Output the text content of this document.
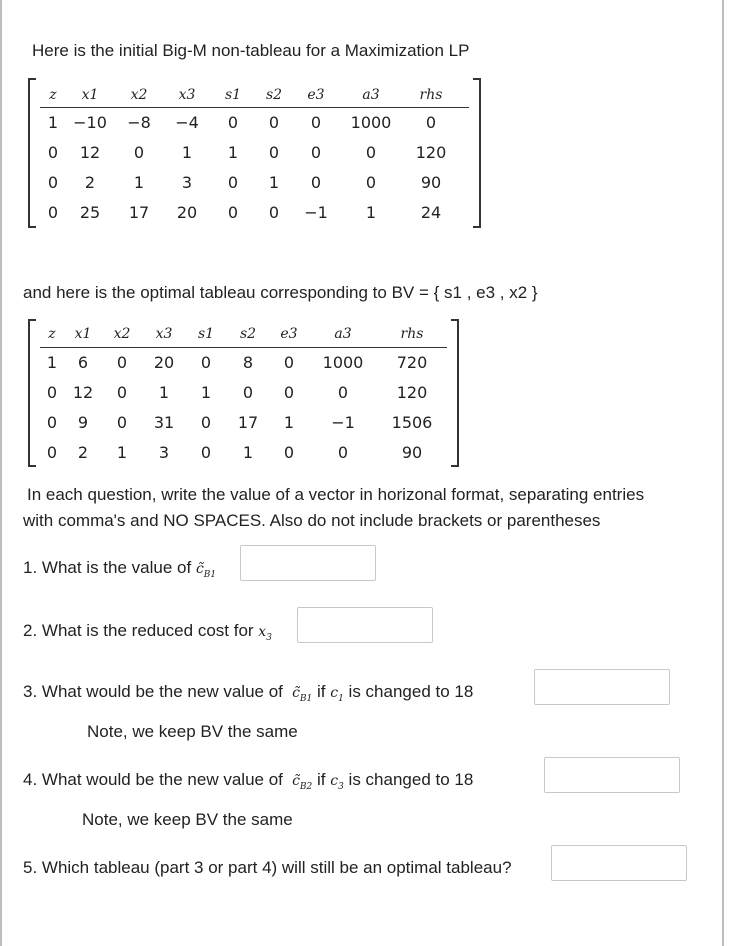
Here is the initial Big-M non-tableau for a Maximization LP
z	x1	x2	x3	s1	s2	e3	a3	rhs
1	−10	−8	−4	0	0	0	1000	0
0	12	0	1	1	0	0	0	120
0	2	1	3	0	1	0	0	90
0	25	17	20	0	0	−1	1	24
and here is the optimal tableau corresponding to BV = { s1 , e3 , x2 }
z	x1	x2	x3	s1	s2	e3	a3	rhs
1	6	0	20	0	8	0	1000	720
0	12	0	1	1	0	0	0	120
0	9	0	31	0	17	1	−1	1506
0	2	1	3	0	1	0	0	90
In each question, write the value of a vector in horizonal format, separating entries
with comma's and NO SPACES. Also do not include brackets or parentheses
1. What is the value of $c̃_{B1}$
2. What is the reduced cost for $x_3$
3. What would be the new value of  $c̃_{B1}$ if $c_1$ is changed to 18
Note, we keep BV the same
4. What would be the new value of  $c̃_{B2}$ if $c_3$ is changed to 18
Note, we keep BV the same
5. Which tableau (part 3 or part 4) will still be an optimal tableau?
